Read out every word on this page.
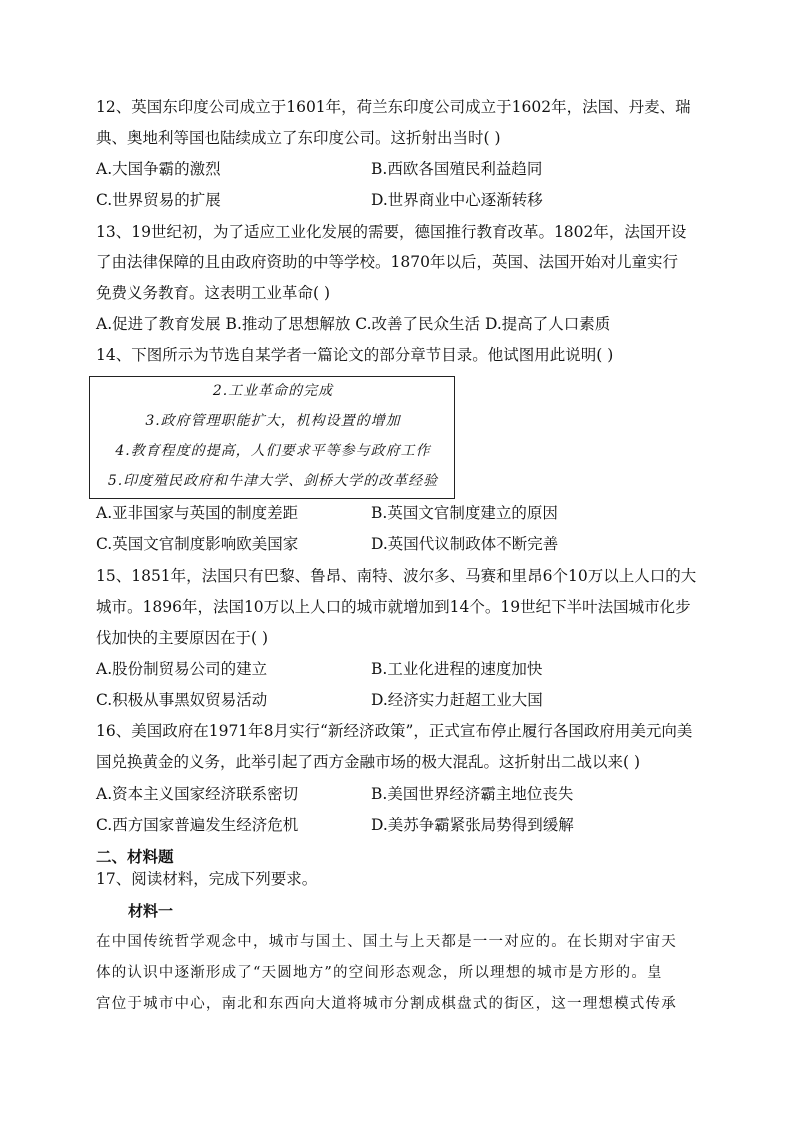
12、英国东印度公司成立于1601年，荷兰东印度公司成立于1602年，法国、丹麦、瑞
典、奥地利等国也陆续成立了东印度公司。这折射出当时( )
A.大国争霸的激烈	B.西欧各国殖民利益趋同
C.世界贸易的扩展	D.世界商业中心逐渐转移
13、19世纪初，为了适应工业化发展的需要，德国推行教育改革。1802年，法国开设
了由法律保障的且由政府资助的中等学校。1870年以后，英国、法国开始对儿童实行
免费义务教育。这表明工业革命( )
A.促进了教育发展 B.推动了思想解放 C.改善了民众生活 D.提高了人口素质
14、下图所示为节选自某学者一篇论文的部分章节目录。他试图用此说明( )
2.工业革命的完成
3.政府管理职能扩大，机构设置的增加
4.教育程度的提高，人们要求平等参与政府工作
5.印度殖民政府和牛津大学、剑桥大学的改革经验
A.亚非国家与英国的制度差距	B.英国文官制度建立的原因
C.英国文官制度影响欧美国家	D.英国代议制政体不断完善
15、1851年，法国只有巴黎、鲁昂、南特、波尔多、马赛和里昂6个10万以上人口的大
城市。1896年，法国10万以上人口的城市就增加到14个。19世纪下半叶法国城市化步
伐加快的主要原因在于( )
A.股份制贸易公司的建立	B.工业化进程的速度加快
C.积极从事黑奴贸易活动	D.经济实力赶超工业大国
16、美国政府在1971年8月实行“新经济政策”，正式宣布停止履行各国政府用美元向美
国兑换黄金的义务，此举引起了西方金融市场的极大混乱。这折射出二战以来( )
A.资本主义国家经济联系密切	B.美国世界经济霸主地位丧失
C.西方国家普遍发生经济危机	D.美苏争霸紧张局势得到缓解
二、材料题
17、阅读材料，完成下列要求。
材料一
在中国传统哲学观念中，城市与国土、国土与上天都是一一对应的。在长期对宇宙天
体的认识中逐渐形成了“天圆地方”的空间形态观念，所以理想的城市是方形的。皇
宫位于城市中心，南北和东西向大道将城市分割成棋盘式的街区，这一理想模式传承
